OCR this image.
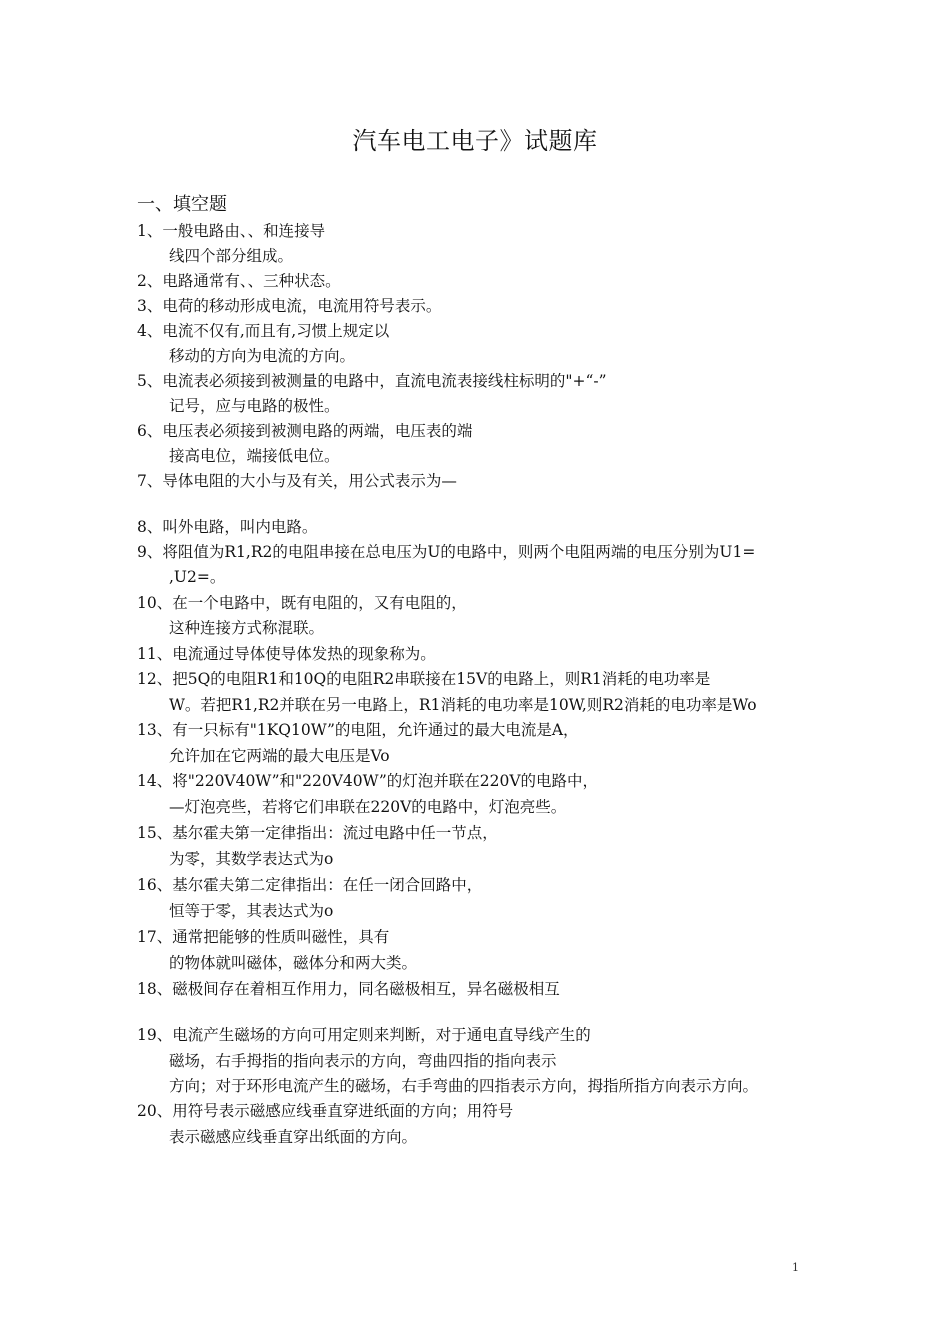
汽车电工电子》试题库
一、填空题
1、一般电路由、、和连接导
线四个部分组成。
2、电路通常有、、三种状态。
3、电荷的移动形成电流，电流用符号表示。
4、电流不仅有,而且有,习惯上规定以
移动的方向为电流的方向。
5、电流表必须接到被测量的电路中，直流电流表接线柱标明的"+“-”
记号，应与电路的极性。
6、电压表必须接到被测电路的两端，电压表的端
接高电位，端接低电位。
7、导体电阻的大小与及有关，用公式表示为—
8、叫外电路，叫内电路。
9、将阻值为R1,R2的电阻串接在总电压为U的电路中，则两个电阻两端的电压分别为U1=
,U2=。
10、在一个电路中，既有电阻的，又有电阻的，
这种连接方式称混联。
11、电流通过导体使导体发热的现象称为。
12、把5Q的电阻R1和10Q的电阻R2串联接在15V的电路上，则R1消耗的电功率是
W。若把R1,R2并联在另一电路上，R1消耗的电功率是10W,则R2消耗的电功率是Wo
13、有一只标有"1KQ10W”的电阻，允许通过的最大电流是A，
允许加在它两端的最大电压是Vo
14、将"220V40W”和"220V40W”的灯泡并联在220V的电路中，
—灯泡亮些，若将它们串联在220V的电路中，灯泡亮些。
15、基尔霍夫第一定律指出：流过电路中任一节点，
为零，其数学表达式为o
16、基尔霍夫第二定律指出：在任一闭合回路中，
恒等于零，其表达式为o
17、通常把能够的性质叫磁性，具有
的物体就叫磁体，磁体分和两大类。
18、磁极间存在着相互作用力，同名磁极相互，异名磁极相互
19、电流产生磁场的方向可用定则来判断，对于通电直导线产生的
磁场，右手拇指的指向表示的方向，弯曲四指的指向表示
方向；对于环形电流产生的磁场，右手弯曲的四指表示方向，拇指所指方向表示方向。
20、用符号表示磁感应线垂直穿进纸面的方向；用符号
表示磁感应线垂直穿出纸面的方向。
1
